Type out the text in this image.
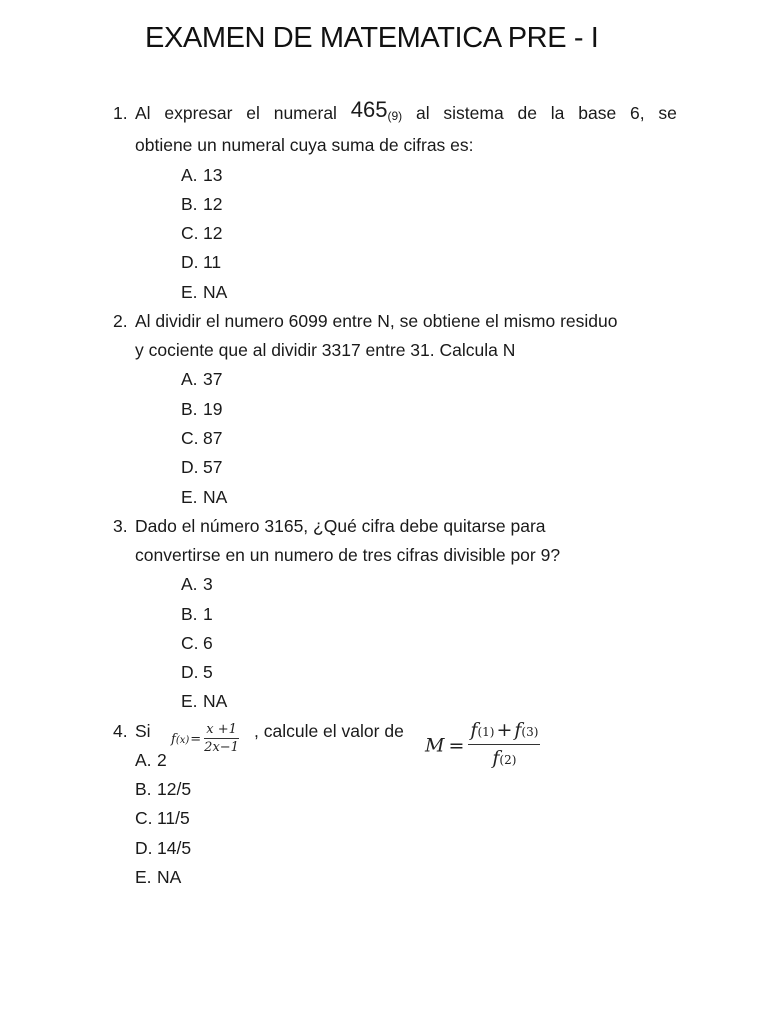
EXAMEN DE MATEMATICA PRE - I
1. Al expresar el numeral 465(9) al sistema de la base 6, se
obtiene un numeral cuya suma de cifras es:
A. 13
B. 12
C. 12
D. 11
E. NA
2. Al dividir el numero 6099 entre N, se obtiene el mismo residuo
y cociente que al dividir 3317 entre 31. Calcula N
A. 37
B. 19
C. 87
D. 57
E. NA
3. Dado el número 3165, ¿Qué cifra debe quitarse para
convertirse en un numero de tres cifras divisible por 9?
A. 3
B. 1
C. 6
D. 5
E. NA
4. Si $f(x)= \frac{x +1}{2x-1}$ , calcule el valor de
$M = \frac{f(1) + f(3)}{f(2)}$
A. 2
B. 12/5
C. 11/5
D. 14/5
E. NA
